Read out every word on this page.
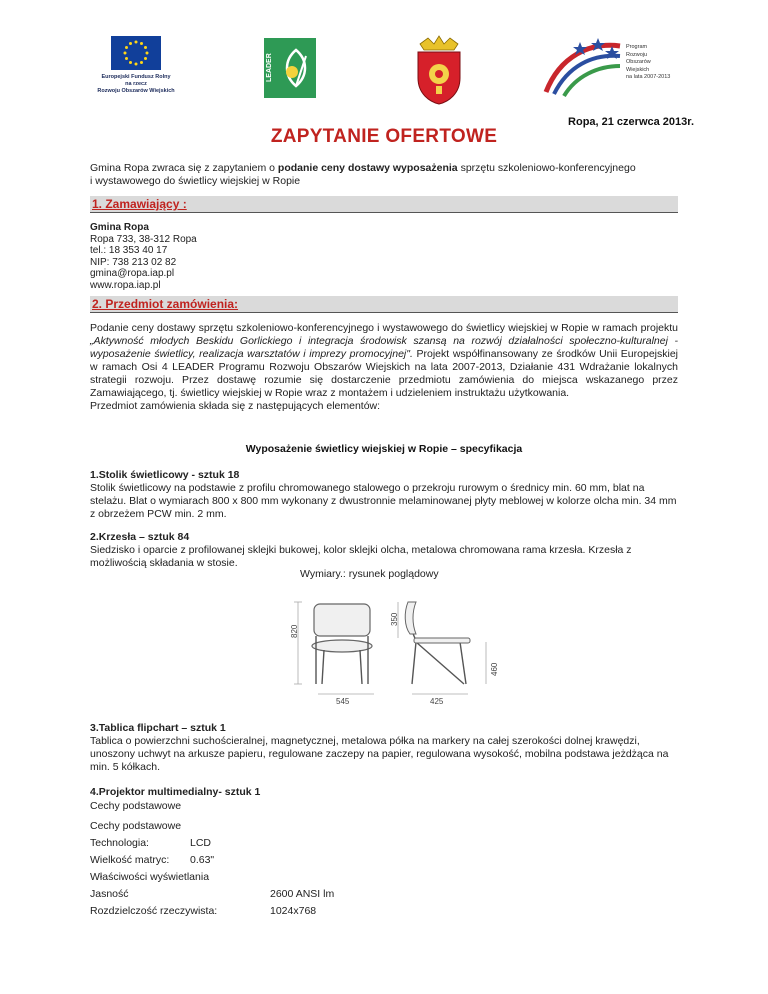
Europejski Fundusz Rolny
na rzecz
Rozwoju Obszarów Wiejskich
LEADER
Program
Rozwoju
Obszarów
Wiejskich
na lata 2007-2013
Ropa, 21 czerwca 2013r.
ZAPYTANIE OFERTOWE
Gmina Ropa zwraca się z zapytaniem o podanie ceny dostawy wyposażenia sprzętu szkoleniowo-konferencyjnego
i wystawowego do świetlicy wiejskiej w Ropie
1. Zamawiający :
Gmina Ropa
Ropa 733, 38-312 Ropa
tel.: 18 353 40 17
NIP: 738 213 02 82
gmina@ropa.iap.pl
www.ropa.iap.pl
2. Przedmiot zamówienia:
Podanie ceny dostawy sprzętu szkoleniowo-konferencyjnego i wystawowego do świetlicy wiejskiej w Ropie w ramach projektu „Aktywność młodych Beskidu Gorlickiego i integracja środowisk szansą na rozwój działalności społeczno-kulturalnej - wyposażenie świetlicy, realizacja warsztatów i imprezy promocyjnej". Projekt współfinansowany ze środków Unii Europejskiej w ramach Osi 4 LEADER Programu Rozwoju Obszarów Wiejskich na lata 2007-2013, Działanie 431 Wdrażanie lokalnych strategii rozwoju. Przez dostawę rozumie się dostarczenie przedmiotu zamówienia do miejsca wskazanego przez Zamawiającego, tj. świetlicy wiejskiej w Ropie wraz z montażem i udzieleniem instruktażu użytkowania.
Przedmiot zamówienia składa się z następujących elementów:
Wyposażenie świetlicy wiejskiej w Ropie – specyfikacja
1.Stolik świetlicowy - sztuk 18
Stolik świetlicowy na podstawie z profilu chromowanego stalowego o przekroju rurowym o średnicy min. 60 mm, blat na stelażu. Blat o wymiarach 800 x 800 mm wykonany z dwustronnie melaminowanej płyty meblowej w kolorze olcha min. 34 mm z obrzeżem PCW min. 2 mm.
2.Krzesła – sztuk 84
Siedzisko i oparcie z profilowanej sklejki bukowej, kolor sklejki olcha, metalowa chromowana rama krzesła. Krzesła z możliwością składania w stosie.
Wymiary.: rysunek poglądowy
820
350
460
545	425
3.Tablica flipchart – sztuk 1
Tablica o powierzchni suchościeralnej, magnetycznej, metalowa półka na markery na całej szerokości dolnej krawędzi, unoszony uchwyt na arkusze papieru, regulowane zaczepy na papier, regulowana wysokość, mobilna podstawa jeżdżąca na min. 5 kółkach.
4.Projektor multimedialny- sztuk 1
Cechy podstawowe
Cechy podstawowe
Technologia:	LCD
Wielkość matryc: 0.63"
Właściwości wyświetlania
Jasność	2600 ANSI lm
Rozdzielczość rzeczywista:	1024x768
